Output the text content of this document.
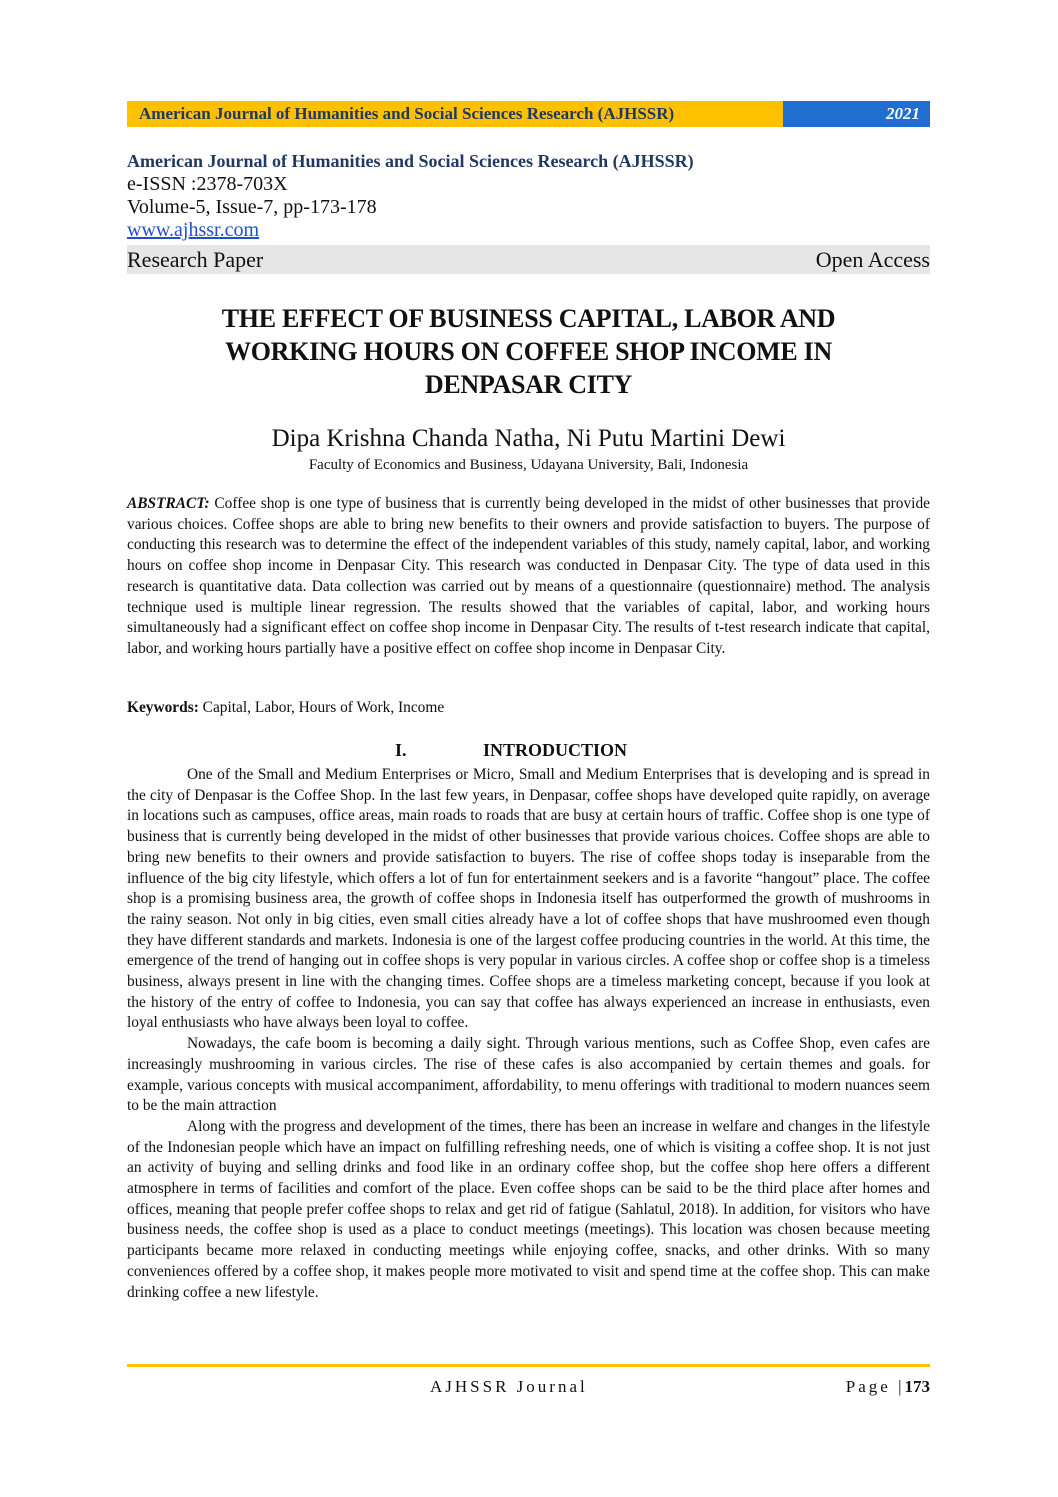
American Journal of Humanities and Social Sciences Research (AJHSSR)	2021
American Journal of Humanities and Social Sciences Research (AJHSSR)
e-ISSN :2378-703X
Volume-5, Issue-7, pp-173-178
www.ajhssr.com
Research Paper	Open Access
THE EFFECT OF BUSINESS CAPITAL, LABOR AND
WORKING HOURS ON COFFEE SHOP INCOME IN
DENPASAR CITY
Dipa Krishna Chanda Natha, Ni Putu Martini Dewi
Faculty of Economics and Business, Udayana University, Bali, Indonesia

ABSTRACT: Coffee shop is one type of business that is currently being developed in the midst of other businesses that provide various choices. Coffee shops are able to bring new benefits to their owners and provide satisfaction to buyers. The purpose of conducting this research was to determine the effect of the independent variables of this study, namely capital, labor, and working hours on coffee shop income in Denpasar City. This research was conducted in Denpasar City. The type of data used in this research is quantitative data. Data collection was carried out by means of a questionnaire (questionnaire) method. The analysis technique used is multiple linear regression. The results showed that the variables of capital, labor, and working hours simultaneously had a significant effect on coffee shop income in Denpasar City. The results of t-test research indicate that capital, labor, and working hours partially have a positive effect on coffee shop income in Denpasar City.

Keywords: Capital, Labor, Hours of Work, Income
I.	INTRODUCTION

One of the Small and Medium Enterprises or Micro, Small and Medium Enterprises that is developing and is spread in the city of Denpasar is the Coffee Shop. In the last few years, in Denpasar, coffee shops have developed quite rapidly, on average in locations such as campuses, office areas, main roads to roads that are busy at certain hours of traffic. Coffee shop is one type of business that is currently being developed in the midst of other businesses that provide various choices. Coffee shops are able to bring new benefits to their owners and provide satisfaction to buyers. The rise of coffee shops today is inseparable from the influence of the big city lifestyle, which offers a lot of fun for entertainment seekers and is a favorite “hangout” place. The coffee shop is a promising business area, the growth of coffee shops in Indonesia itself has outperformed the growth of mushrooms in the rainy season. Not only in big cities, even small cities already have a lot of coffee shops that have mushroomed even though they have different standards and markets. Indonesia is one of the largest coffee producing countries in the world. At this time, the emergence of the trend of hanging out in coffee shops is very popular in various circles. A coffee shop or coffee shop is a timeless business, always present in line with the changing times. Coffee shops are a timeless marketing concept, because if you look at the history of the entry of coffee to Indonesia, you can say that coffee has always experienced an increase in enthusiasts, even loyal enthusiasts who have always been loyal to coffee.

Nowadays, the cafe boom is becoming a daily sight. Through various mentions, such as Coffee Shop, even cafes are increasingly mushrooming in various circles. The rise of these cafes is also accompanied by certain themes and goals. for example, various concepts with musical accompaniment, affordability, to menu offerings with traditional to modern nuances seem to be the main attraction

Along with the progress and development of the times, there has been an increase in welfare and changes in the lifestyle of the Indonesian people which have an impact on fulfilling refreshing needs, one of which is visiting a coffee shop. It is not just an activity of buying and selling drinks and food like in an ordinary coffee shop, but the coffee shop here offers a different atmosphere in terms of facilities and comfort of the place. Even coffee shops can be said to be the third place after homes and offices, meaning that people prefer coffee shops to relax and get rid of fatigue (Sahlatul, 2018). In addition, for visitors who have business needs, the coffee shop is used as a place to conduct meetings (meetings). This location was chosen because meeting participants became more relaxed in conducting meetings while enjoying coffee, snacks, and other drinks. With so many conveniences offered by a coffee shop, it makes people more motivated to visit and spend time at the coffee shop. This can make drinking coffee a new lifestyle.

AJHSSR Journal	Page |173
